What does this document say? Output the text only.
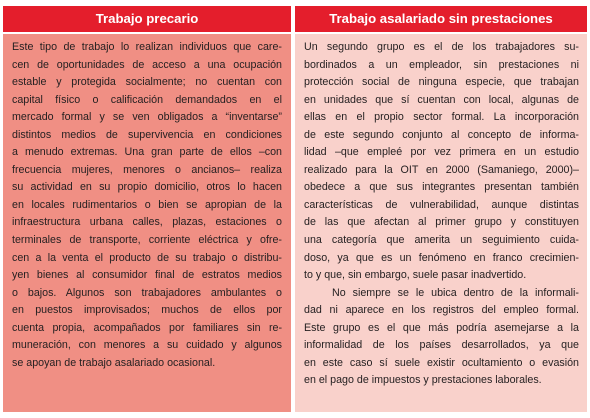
Trabajo precario	Trabajo asalariado sin prestaciones

Este tipo de trabajo lo realizan individuos que care-
cen de oportunidades de acceso a una ocupación
estable y protegida socialmente; no cuentan con
capital físico o calificación demandados en el
mercado formal y se ven obligados a “inventarse”
distintos medios de supervivencia en condiciones
a menudo extremas. Una gran parte de ellos –con
frecuencia mujeres, menores o ancianos– realiza
su actividad en su propio domicilio, otros lo hacen
en locales rudimentarios o bien se apropian de la
infraestructura urbana calles, plazas, estaciones o
terminales de transporte, corriente eléctrica y ofre-
cen a la venta el producto de su trabajo o distribu-
yen bienes al consumidor final de estratos medios
o bajos. Algunos son trabajadores ambulantes o
en puestos improvisados; muchos de ellos por
cuenta propia, acompañados por familiares sin re-
muneración, con menores a su cuidado y algunos
se apoyan de trabajo asalariado ocasional.

Un segundo grupo es el de los trabajadores su-
bordinados a un empleador, sin prestaciones ni
protección social de ninguna especie, que trabajan
en unidades que sí cuentan con local, algunas de
ellas en el propio sector formal. La incorporación
de este segundo conjunto al concepto de informa-
lidad –que empleé por vez primera en un estudio
realizado para la OIT en 2000 (Samaniego, 2000)–
obedece a que sus integrantes presentan también
características de vulnerabilidad, aunque distintas
de las que afectan al primer grupo y constituyen
una categoría que amerita un seguimiento cuida-
doso, ya que es un fenómeno en franco crecimien-
to y que, sin embargo, suele pasar inadvertido.

No siempre se le ubica dentro de la informali-
dad ni aparece en los registros del empleo formal.
Este grupo es el que más podría asemejarse a la
informalidad de los países desarrollados, ya que
en este caso sí suele existir ocultamiento o evasión
en el pago de impuestos y prestaciones laborales.
